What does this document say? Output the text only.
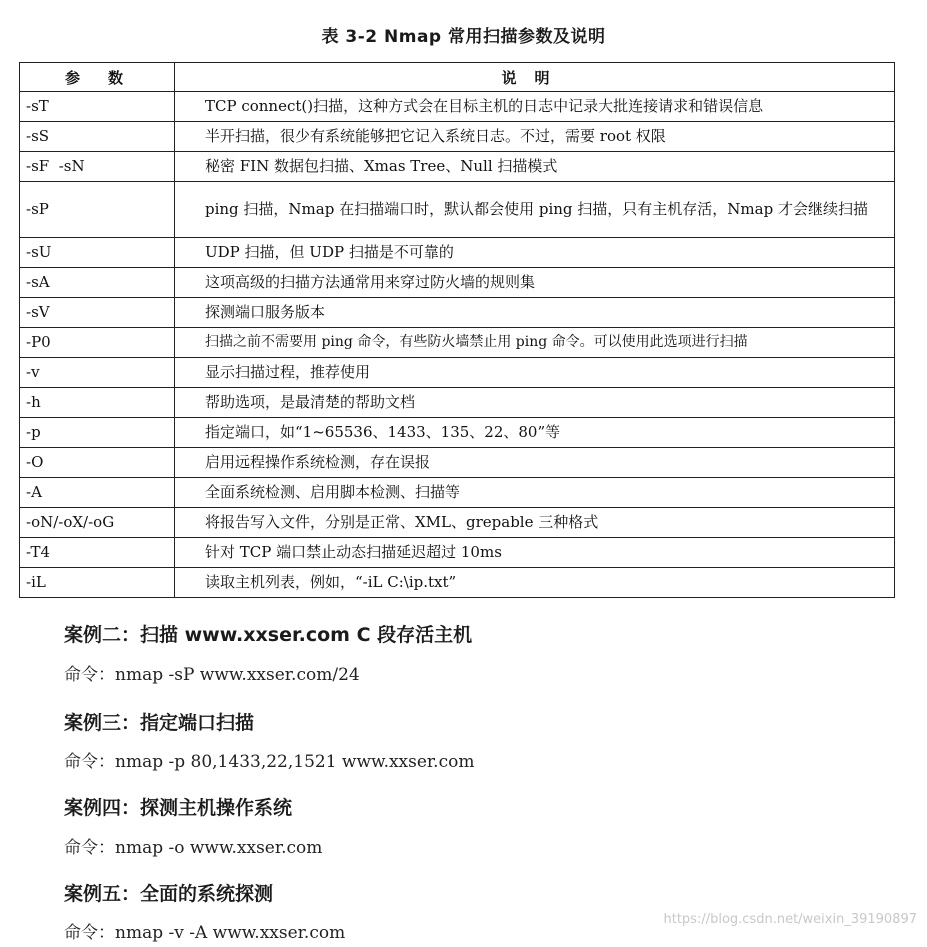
表 3-2 Nmap 常用扫描参数及说明
参数	说明
-sT	TCP connect()扫描，这种方式会在目标主机的日志中记录大批连接请求和错误信息
-sS	半开扫描，很少有系统能够把它记入系统日志。不过，需要 root 权限
-sF  -sN	秘密 FIN 数据包扫描、Xmas Tree、Null 扫描模式
-sP	ping 扫描，Nmap 在扫描端口时，默认都会使用 ping 扫描，只有主机存活，Nmap 才会继续扫描
-sU	UDP 扫描，但 UDP 扫描是不可靠的
-sA	这项高级的扫描方法通常用来穿过防火墙的规则集
-sV	探测端口服务版本
-P0	扫描之前不需要用 ping 命令，有些防火墙禁止用 ping 命令。可以使用此选项进行扫描
-v	显示扫描过程，推荐使用
-h	帮助选项，是最清楚的帮助文档
-p	指定端口，如“1~65536、1433、135、22、80”等
-O	启用远程操作系统检测，存在误报
-A	全面系统检测、启用脚本检测、扫描等
-oN/-oX/-oG	将报告写入文件，分别是正常、XML、grepable 三种格式
-T4	针对 TCP 端口禁止动态扫描延迟超过 10ms
-iL	读取主机列表，例如，“-iL C:\ip.txt”

案例二：扫描 www.xxser.com C 段存活主机

命令：nmap -sP www.xxser.com/24

案例三：指定端口扫描

命令：nmap -p 80,1433,22,1521 www.xxser.com

案例四：探测主机操作系统

命令：nmap -o www.xxser.com

案例五：全面的系统探测

命令：nmap -v -A www.xxser.com

https://blog.csdn.net/weixin_39190897
